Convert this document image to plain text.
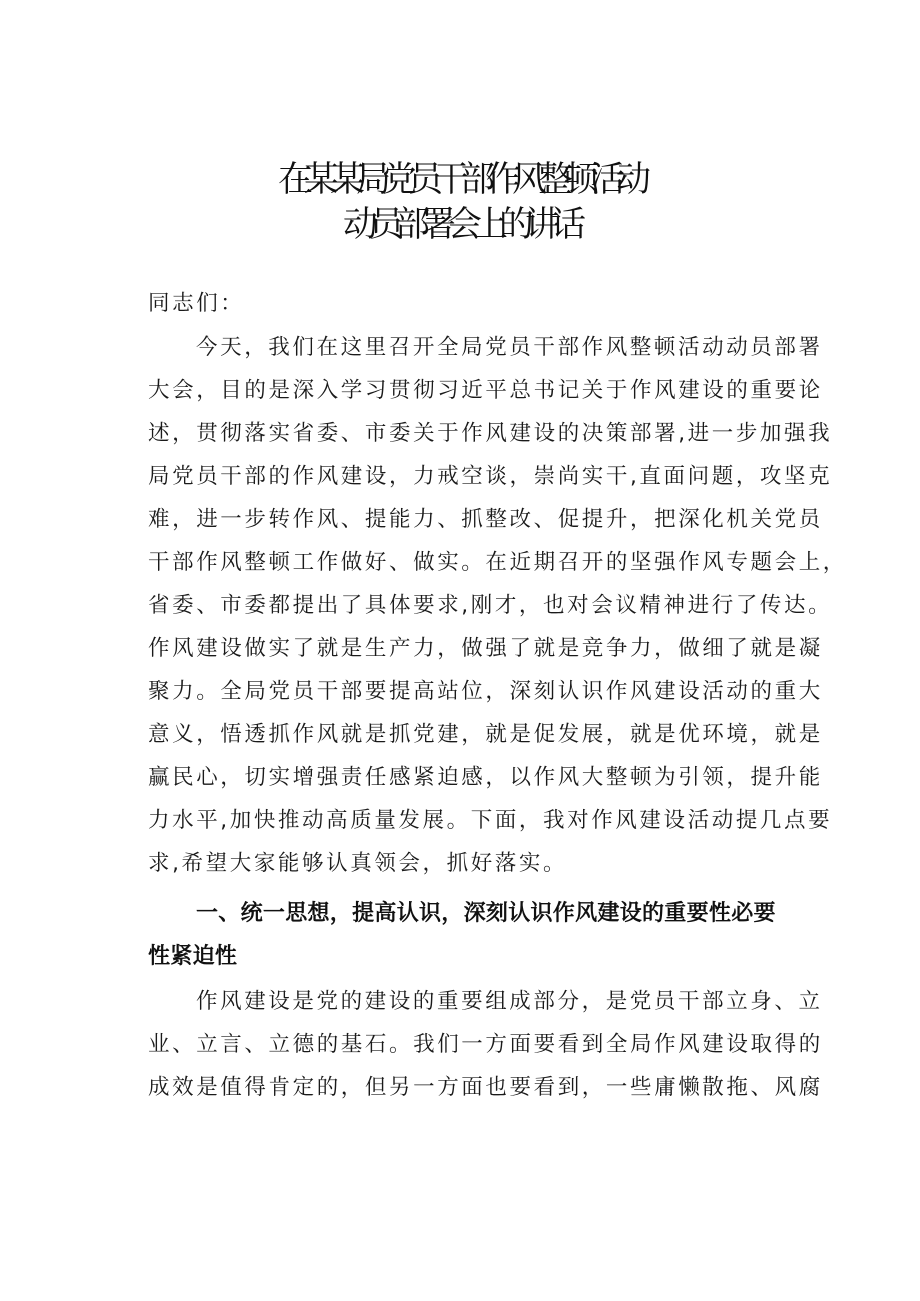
在某某局党员干部作风整顿活动
动员部署会上的讲话
同志们：
今天，我们在这里召开全局党员干部作风整顿活动动员部署
大会，目的是深入学习贯彻习近平总书记关于作风建设的重要论
述，贯彻落实省委、市委关于作风建设的决策部署,进一步加强我
局党员干部的作风建设，力戒空谈，崇尚实干,直面问题，攻坚克
难，进一步转作风、提能力、抓整改、促提升，把深化机关党员
干部作风整顿工作做好、做实。在近期召开的坚强作风专题会上，
省委、市委都提出了具体要求,刚才，也对会议精神进行了传达。
作风建设做实了就是生产力，做强了就是竞争力，做细了就是凝
聚力。全局党员干部要提高站位，深刻认识作风建设活动的重大
意义，悟透抓作风就是抓党建，就是促发展，就是优环境，就是
赢民心，切实增强责任感紧迫感，以作风大整顿为引领，提升能
力水平,加快推动高质量发展。下面，我对作风建设活动提几点要
求,希望大家能够认真领会，抓好落实。
一、统一思想，提高认识，深刻认识作风建设的重要性必要
性紧迫性
作风建设是党的建设的重要组成部分，是党员干部立身、立
业、立言、立德的基石。我们一方面要看到全局作风建设取得的
成效是值得肯定的，但另一方面也要看到，一些庸懒散拖、风腐
